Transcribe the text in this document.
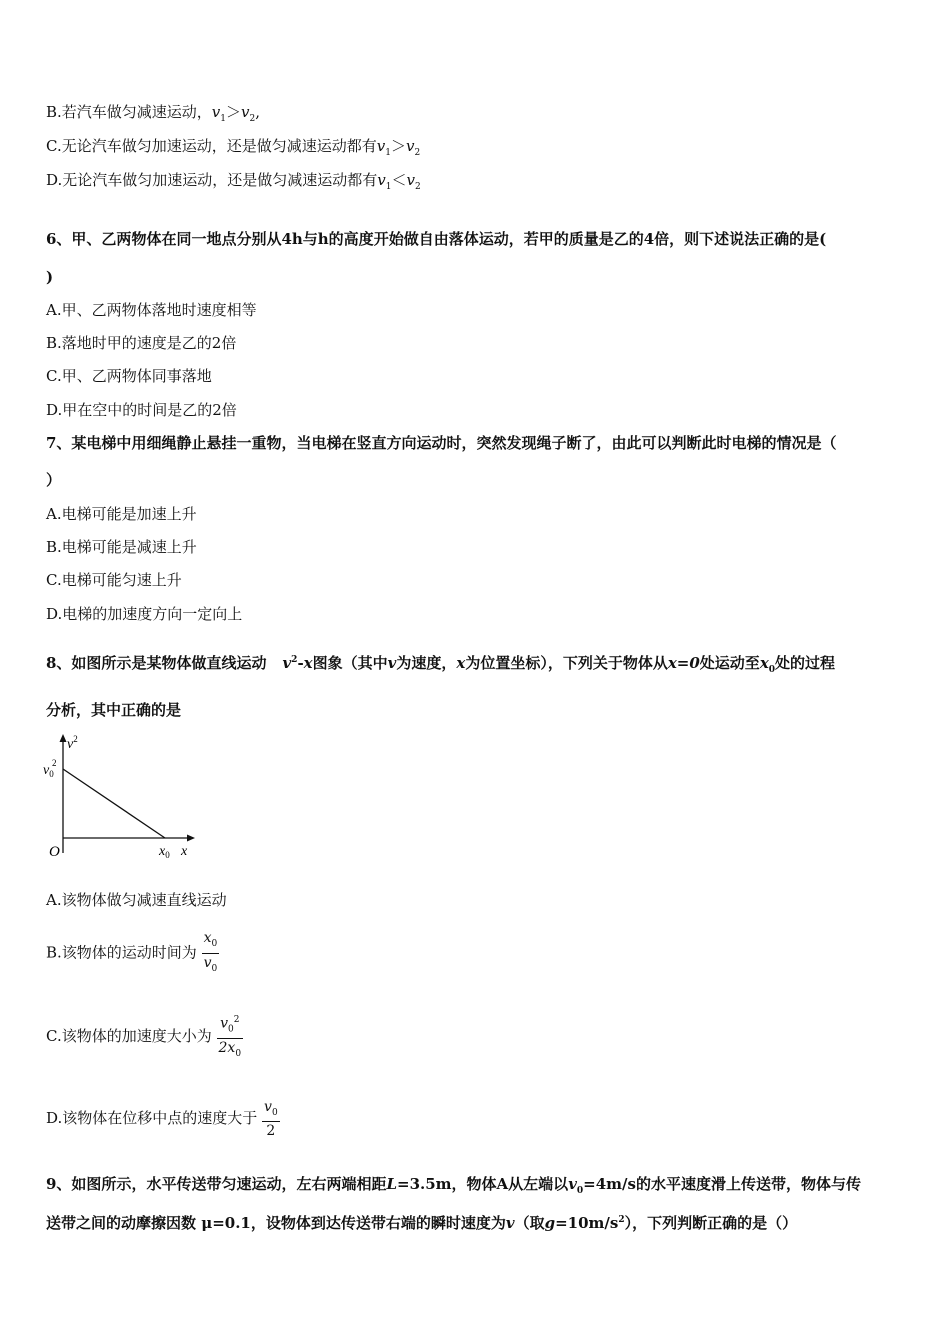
B.若汽车做匀减速运动，$v_1>v_2$,
C.无论汽车做匀加速运动，还是做匀减速运动都有$v_1>v_2$
D.无论汽车做匀加速运动，还是做匀减速运动都有$v_1<v_2$
6、甲、乙两物体在同一地点分别从4h与h的高度开始做自由落体运动，若甲的质量是乙的4倍，则下述说法正确的是(
)
A.甲、乙两物体落地时速度相等
B.落地时甲的速度是乙的2倍
C.甲、乙两物体同事落地
D.甲在空中的时间是乙的2倍
7、某电梯中用细绳静止悬挂一重物，当电梯在竖直方向运动时，突然发现绳子断了，由此可以判断此时电梯的情况是（
）
A.电梯可能是加速上升
B.电梯可能是减速上升
C.电梯可能匀速上升
D.电梯的加速度方向一定向上
8、如图所示是某物体做直线运动 $v^2-x$图象（其中v为速度，x为位置坐标），下列关于物体从x=0处运动至$x_0$处的过程
分析，其中正确的是
$v^2$
$v_0$
2
O	$x_0$ x
A.该物体做匀减速直线运动
B.该物体的运动时间为 $\frac{x_0}{v_0}$
C.该物体的加速度大小为 $\frac{v_0^2}{2x_0}$
D.该物体在位移中点的速度大于 $\frac{v_0}{2}$
9、如图所示，水平传送带匀速运动，左右两端相距L=3.5m，物体A从左端以$v_0=4m/s$的水平速度滑上传送带，物体与传
送带之间的动摩擦因数 μ=0.1，设物体到达传送带右端的瞬时速度为v（取$g=10m/s^2$），下列判断正确的是（）
